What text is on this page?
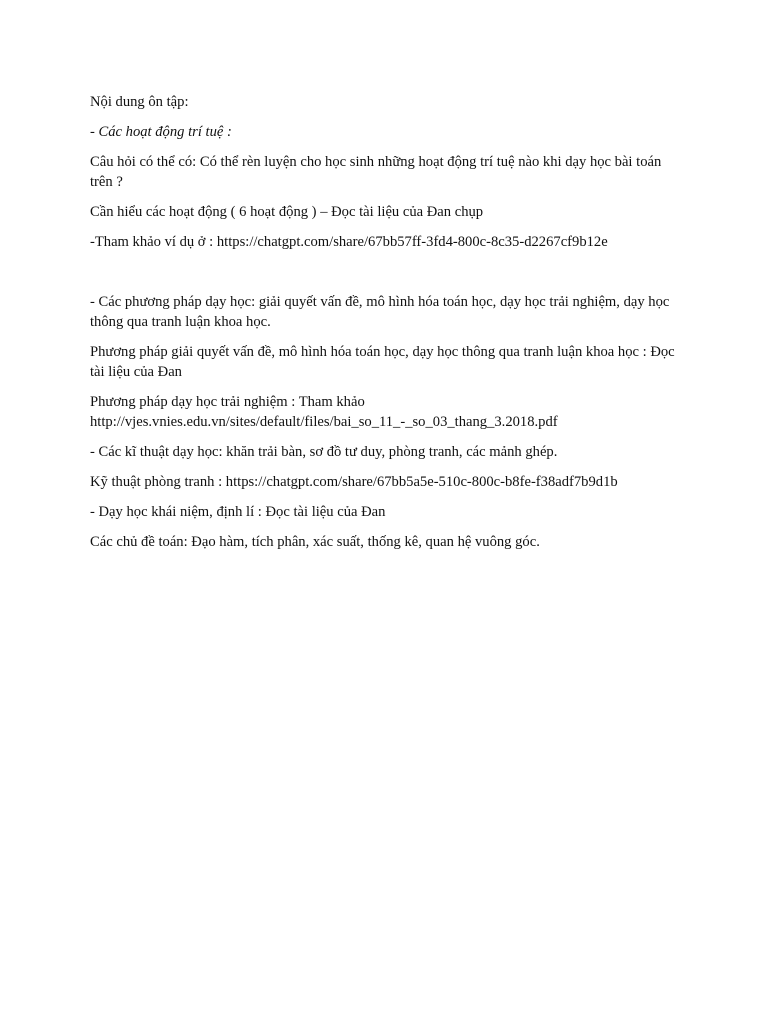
Nội dung ôn tập:

- Các hoạt động trí tuệ :

Câu hỏi có thể có: Có thể rèn luyện cho học sinh những hoạt động trí tuệ nào khi dạy học bài toán trên ?

Cần hiểu các hoạt động ( 6 hoạt động ) – Đọc tài liệu của Đan chụp

-Tham khảo ví dụ ở : https://chatgpt.com/share/67bb57ff-3fd4-800c-8c35-d2267cf9b12e

- Các phương pháp dạy học: giải quyết vấn đề, mô hình hóa toán học, dạy học trải nghiệm, dạy học thông qua tranh luận khoa học.

Phương pháp giải quyết vấn đề, mô hình hóa toán học, dạy học thông qua tranh luận khoa học : Đọc tài liệu của Đan

Phương pháp dạy học trải nghiệm : Tham khảo http://vjes.vnies.edu.vn/sites/default/files/bai_so_11_-_so_03_thang_3.2018.pdf

- Các kĩ thuật dạy học: khăn trải bàn, sơ đồ tư duy, phòng tranh, các mảnh ghép.

Kỹ thuật phòng tranh : https://chatgpt.com/share/67bb5a5e-510c-800c-b8fe-f38adf7b9d1b

- Dạy học khái niệm, định lí : Đọc tài liệu của Đan

Các chủ đề toán: Đạo hàm, tích phân, xác suất, thống kê, quan hệ vuông góc.
